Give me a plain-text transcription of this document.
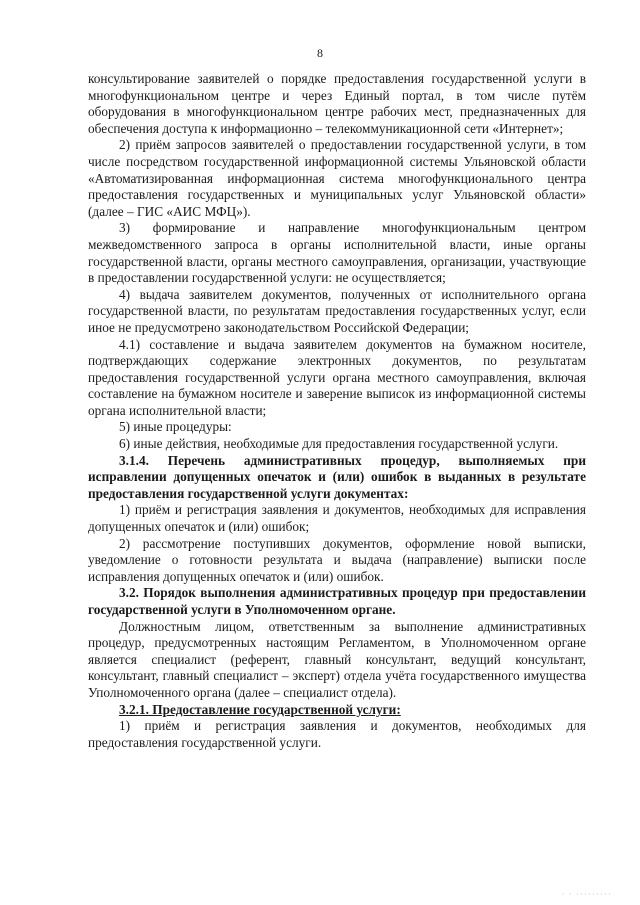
8

консультирование заявителей о порядке предоставления государственной услуги в многофункциональном центре и через Единый портал, в том числе путём оборудования в многофункциональном центре рабочих мест, предназначенных для обеспечения доступа к информационно – телекоммуникационной сети «Интернет»;

2) приём запросов заявителей о предоставлении государственной услуги, в том числе посредством государственной информационной системы Ульяновской области «Автоматизированная информационная система многофункционального центра предоставления государственных и муниципальных услуг Ульяновской области» (далее – ГИС «АИС МФЦ»).

3) формирование и направление многофункциональным центром межведомственного запроса в органы исполнительной власти, иные органы государственной власти, органы местного самоуправления, организации, участвующие в предоставлении государственной услуги: не осуществляется;

4) выдача заявителем документов, полученных от исполнительного органа государственной власти, по результатам предоставления государственных услуг, если иное не предусмотрено законодательством Российской Федерации;

4.1) составление и выдача заявителем документов на бумажном носителе, подтверждающих содержание электронных документов, по результатам предоставления государственной услуги органа местного самоуправления, включая составление на бумажном носителе и заверение выписок из информационной системы органа исполнительной власти;

5) иные процедуры:

6) иные действия, необходимые для предоставления государственной услуги.

3.1.4. Перечень административных процедур, выполняемых при исправлении допущенных опечаток и (или) ошибок в выданных в результате предоставления государственной услуги документах:

1) приём и регистрация заявления и документов, необходимых для исправления допущенных опечаток и (или) ошибок;

2) рассмотрение поступивших документов, оформление новой выписки, уведомление о готовности результата и выдача (направление) выписки после исправления допущенных опечаток и (или) ошибок.

3.2. Порядок выполнения административных процедур при предоставлении государственной услуги в Уполномоченном органе.

Должностным лицом, ответственным за выполнение административных процедур, предусмотренных настоящим Регламентом, в Уполномоченном органе является специалист (референт, главный консультант, ведущий консультант, консультант, главный специалист – эксперт) отдела учёта государственного имущества Уполномоченного органа (далее – специалист отдела).

3.2.1. Предоставление государственной услуги:

1) приём и регистрация заявления и документов, необходимых для предоставления государственной услуги.

· · ·········
